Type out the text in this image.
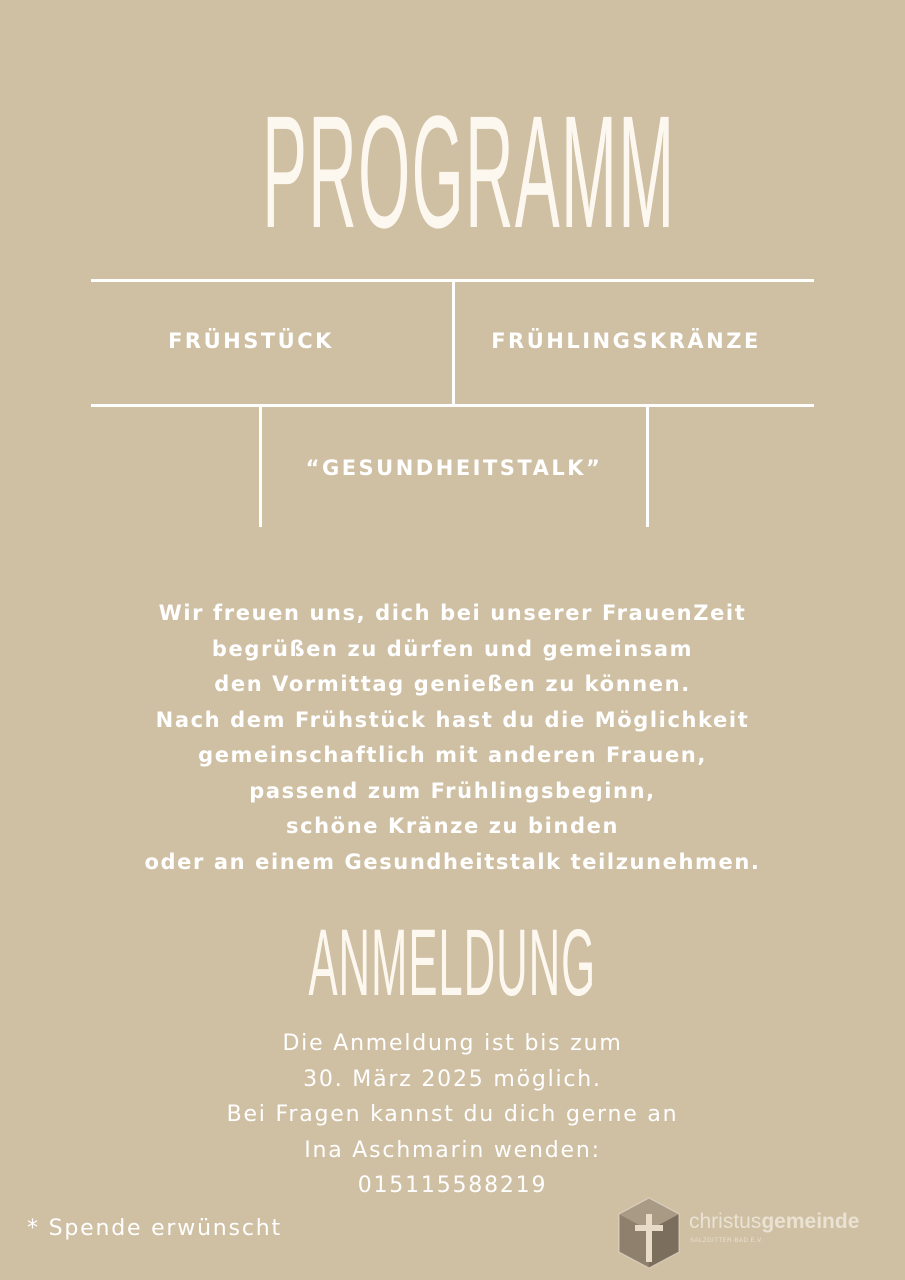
PROGRAMM
FRÜHSTÜCK	FRÜHLINGSKRÄNZE
“GESUNDHEITSTALK”
Wir freuen uns, dich bei unserer FrauenZeit
begrüßen zu dürfen und gemeinsam
den Vormittag genießen zu können.
Nach dem Frühstück hast du die Möglichkeit
gemeinschaftlich mit anderen Frauen,
passend zum Frühlingsbeginn,
schöne Kränze zu binden
oder an einem Gesundheitstalk teilzunehmen.
ANMELDUNG
Die Anmeldung ist bis zum
30. März 2025 möglich.
Bei Fragen kannst du dich gerne an
Ina Aschmarin wenden:
015115588219
* Spende erwünscht	christusgemeinde
SALZGITTER-BAD E.V.
